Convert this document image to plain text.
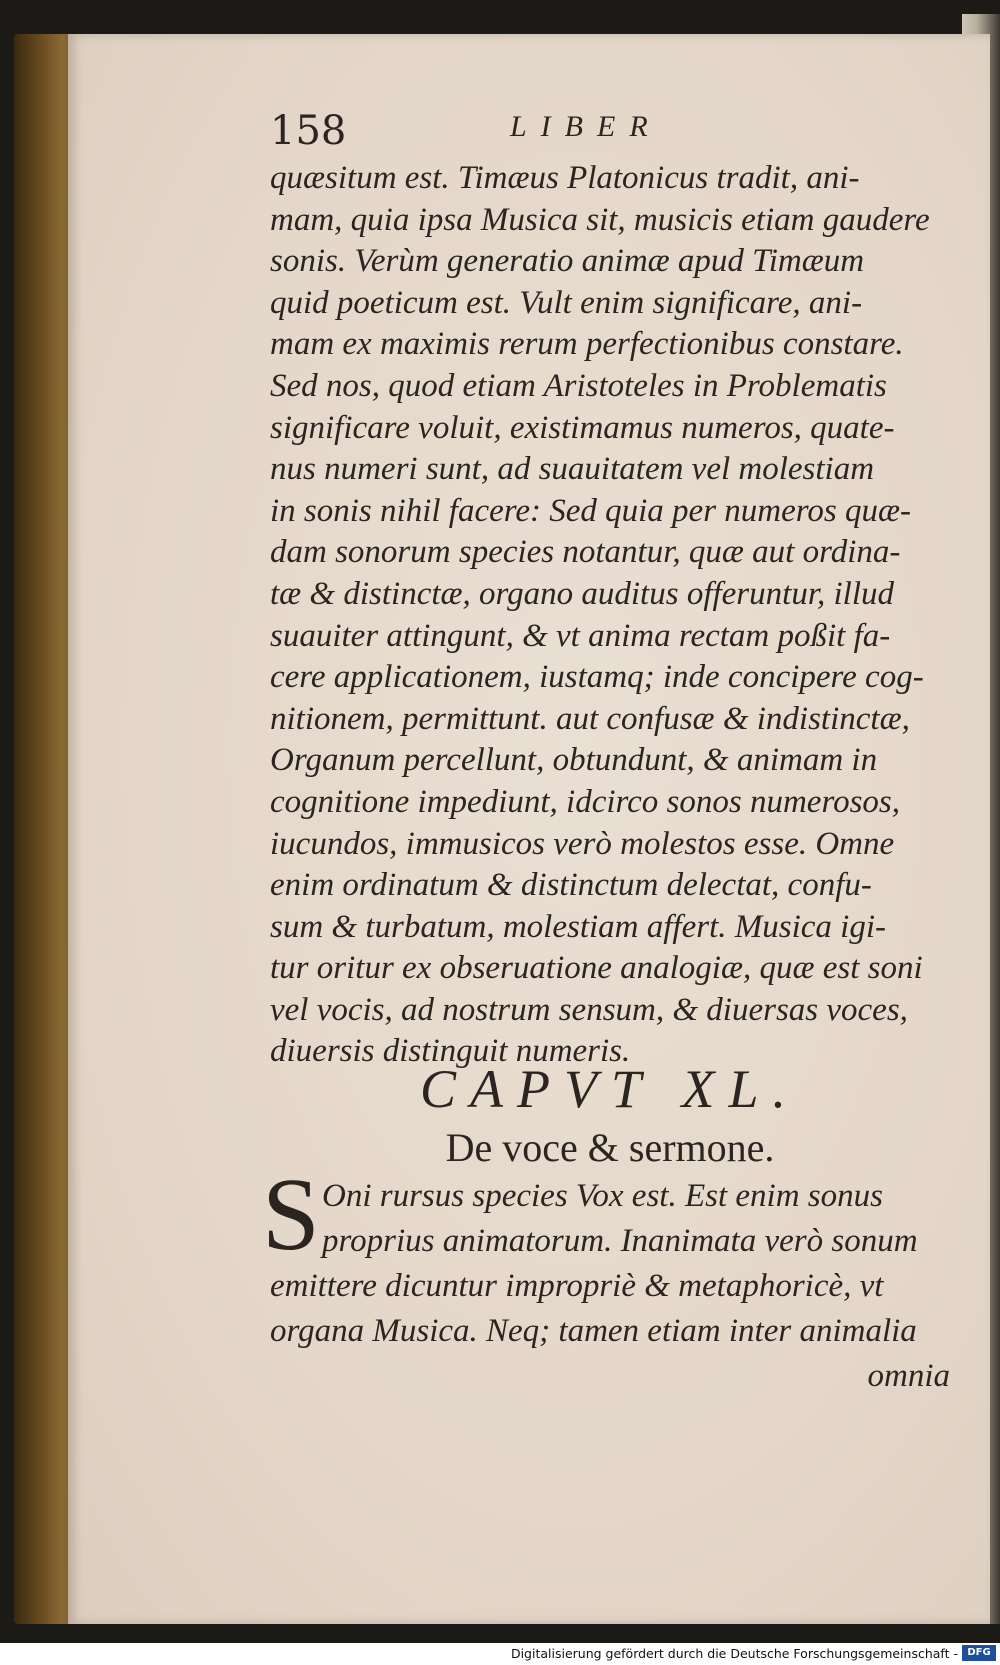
158	LIBER
quæsitum est. Timæus Platonicus tradit, ani-
mam, quia ipsa Musica sit, musicis etiam gaudere
sonis. Verùm generatio animæ apud Timæum
quid poeticum est. Vult enim significare, ani-
mam ex maximis rerum perfectionibus constare.
Sed nos, quod etiam Aristoteles in Problematis
significare voluit, existimamus numeros, quate-
nus numeri sunt, ad suauitatem vel molestiam
in sonis nihil facere: Sed quia per numeros quæ-
dam sonorum species notantur, quæ aut ordina-
tæ & distinctæ, organo auditus offeruntur, illud
suauiter attingunt, & vt anima rectam poßit fa-
cere applicationem, iustamq; inde concipere cog-
nitionem, permittunt. aut confusæ & indistinctæ,
Organum percellunt, obtundunt, & animam in
cognitione impediunt, idcirco sonos numerosos,
iucundos, immusicos verò molestos esse. Omne
enim ordinatum & distinctum delectat, confu-
sum & turbatum, molestiam affert. Musica igi-
tur oritur ex obseruatione analogiæ, quæ est soni
vel vocis, ad nostrum sensum, & diuersas voces,
diuersis distinguit numeris.
CAPVT XL.
De voce & sermone.
S Oni rursus species Vox est. Est enim sonus
proprius animatorum. Inanimata verò sonum
emittere dicuntur impropriè & metaphoricè, vt
organa Musica. Neq; tamen etiam inter animalia
omnia
Digitalisierung gefördert durch die Deutsche Forschungsgemeinschaft - DFG
